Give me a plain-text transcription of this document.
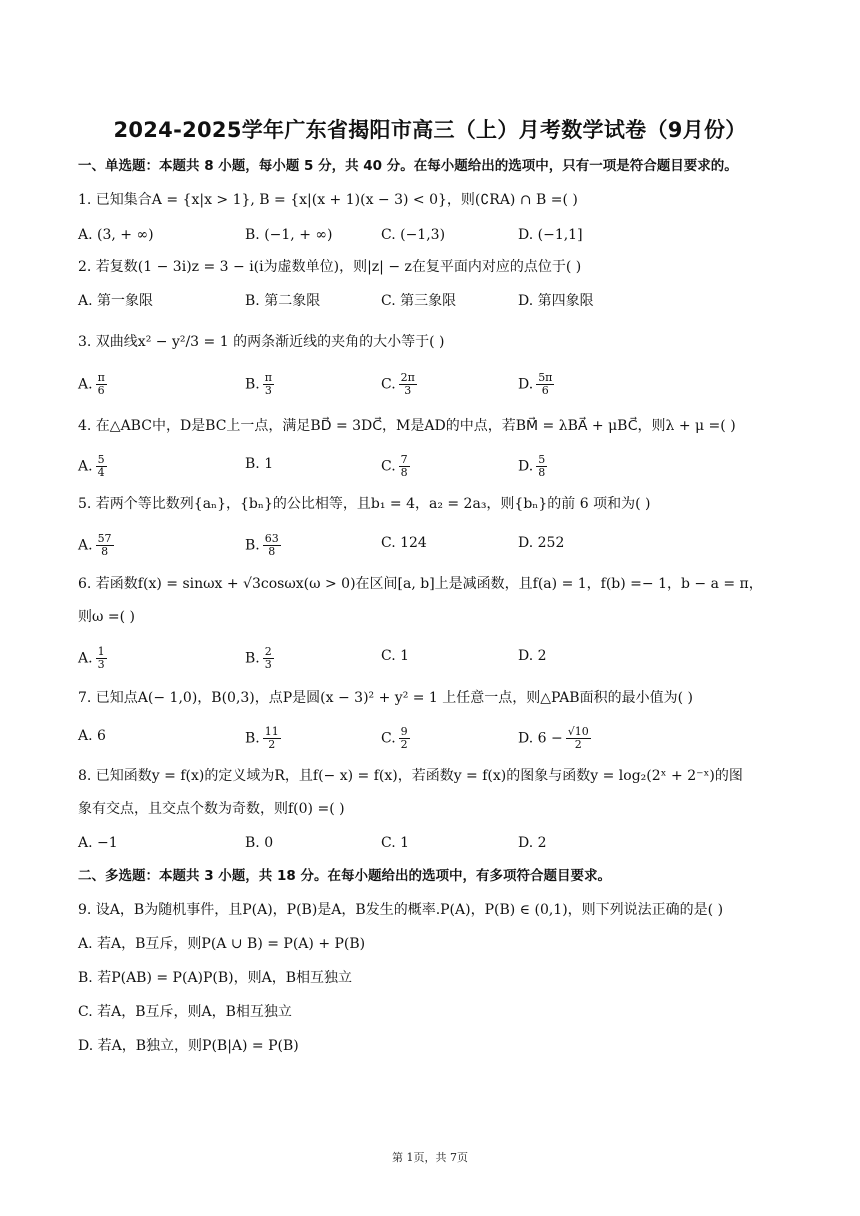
2024-2025学年广东省揭阳市高三（上）月考数学试卷（9月份）
一、单选题：本题共 8 小题，每小题 5 分，共 40 分。在每小题给出的选项中，只有一项是符合题目要求的。
1. 已知集合A = {x|x > 1}, B = {x|(x + 1)(x − 3) < 0}，则(∁RA) ∩ B =( )
A. (3, + ∞)	B. (−1, + ∞)	C. (−1,3)	D. (−1,1]
2. 若复数(1 − 3i)z = 3 − i(i为虚数单位)，则|z| − z在复平面内对应的点位于( )
A. 第一象限	B. 第二象限	C. 第三象限	D. 第四象限
3. 双曲线x² − y²/3 = 1 的两条渐近线的夹角的大小等于( )
A. $\frac{\pi}{6}$	B. $\frac{\pi}{3}$	C. $\frac{2\pi}{3}$	D. $\frac{5\pi}{6}$
4. 在△ABC中，D是BC上一点，满足BD⃗ = 3DC⃗，M是AD的中点，若BM⃗ = λBA⃗ + μBC⃗，则λ + μ =( )
A. $\frac{5}{4}$	B. 1	C. $\frac{7}{8}$	D. $\frac{5}{8}$
5. 若两个等比数列{aₙ}，{bₙ}的公比相等，且b₁ = 4，a₂ = 2a₃，则{bₙ}的前 6 项和为( )
A. $\frac{57}{8}$	B. $\frac{63}{8}$	C. 124	D. 252
6. 若函数f(x) = sinωx + √3cosωx(ω > 0)在区间[a, b]上是减函数，且f(a) = 1，f(b) =− 1，b − a = π，
则ω =( )
A. $\frac{1}{3}$	B. $\frac{2}{3}$	C. 1	D. 2
7. 已知点A(− 1,0)，B(0,3)，点P是圆(x − 3)² + y² = 1 上任意一点，则△PAB面积的最小值为( )
A. 6	B. $\frac{11}{2}$	C. $\frac{9}{2}$	D. $6 - \frac{√10}{2}$
8. 已知函数y = f(x)的定义域为R，且f(− x) = f(x)，若函数y = f(x)的图象与函数y = log₂(2ˣ + 2⁻ˣ)的图
象有交点，且交点个数为奇数，则f(0) =( )
A. −1	B. 0	C. 1	D. 2
二、多选题：本题共 3 小题，共 18 分。在每小题给出的选项中，有多项符合题目要求。
9. 设A，B为随机事件，且P(A)，P(B)是A，B发生的概率.P(A)，P(B) ∈ (0,1)，则下列说法正确的是( )
A. 若A，B互斥，则P(A ∪ B) = P(A) + P(B)
B. 若P(AB) = P(A)P(B)，则A，B相互独立
C. 若A，B互斥，则A，B相互独立
D. 若A，B独立，则P(B|A) = P(B)
第 1页，共 7页
